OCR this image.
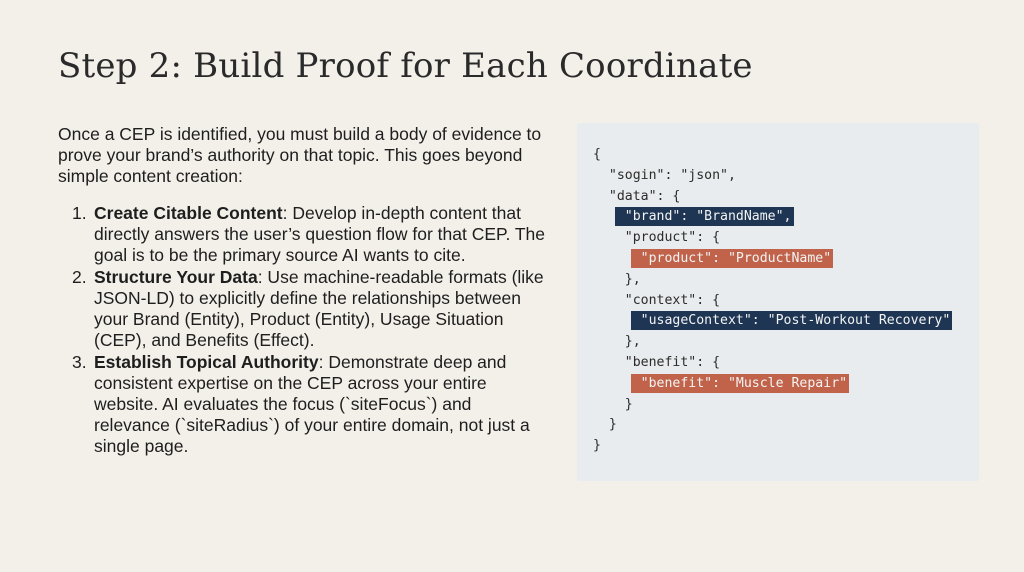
Step 2: Build Proof for Each Coordinate

Once a CEP is identified, you must build a body of evidence to prove your brand’s authority on that topic. This goes beyond simple content creation:

1. Create Citable Content: Develop in-depth content that directly answers the user’s question flow for that CEP. The goal is to be the primary source AI wants to cite.
2. Structure Your Data: Use machine-readable formats (like JSON-LD) to explicitly define the relationships between your Brand (Entity), Product (Entity), Usage Situation (CEP), and Benefits (Effect).
3. Establish Topical Authority: Demonstrate deep and consistent expertise on the CEP across your entire website. AI evaluates the focus (`siteFocus`) and relevance (`siteRadius`) of your entire domain, not just a single page.
{
"sogin": "json",
"data": {
"brand": "BrandName",
"product": {
"product": "ProductName"
},
"context": {
"usageContext": "Post-Workout Recovery"
},
"benefit": {
"benefit": "Muscle Repair"
}
}
}
